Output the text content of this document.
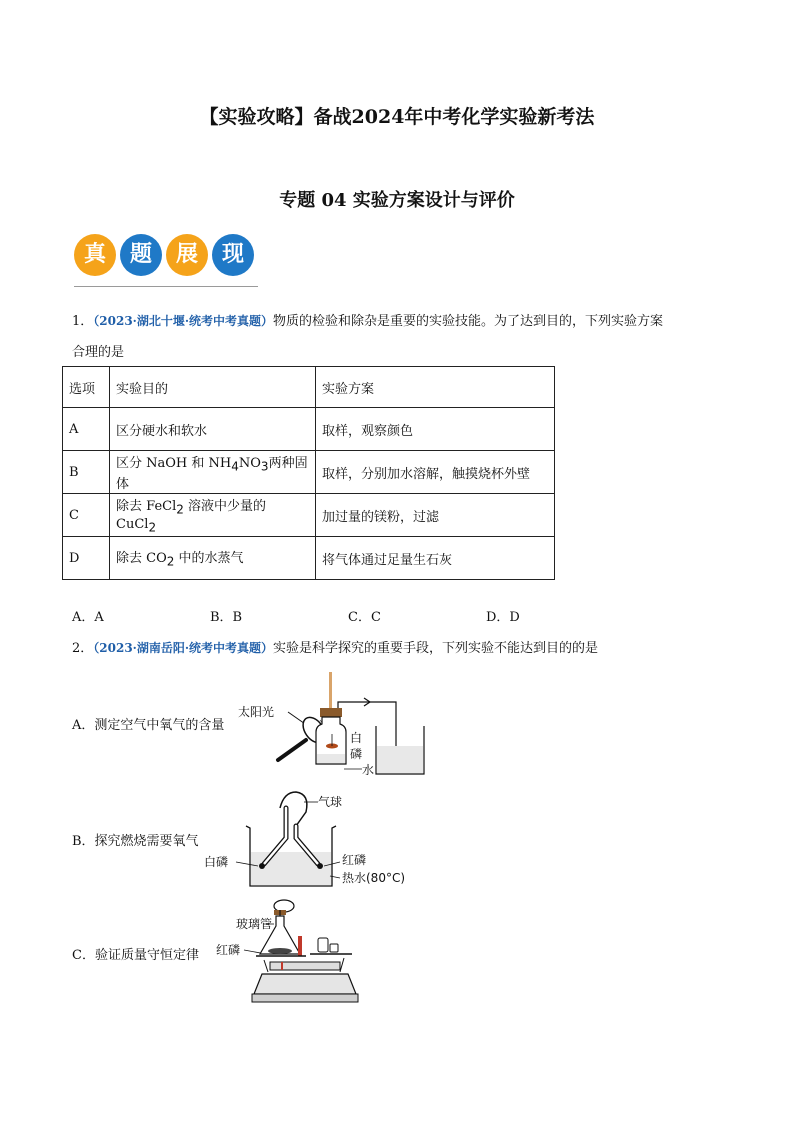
【实验攻略】备战2024年中考化学实验新考法
专题 04 实验方案设计与评价
真	题	展	现
1．（2023·湖北十堰·统考中考真题）物质的检验和除杂是重要的实验技能。为了达到目的，下列实验方案
合理的是
选项	实验目的	实验方案
A	区分硬水和软水	取样，观察颜色
B	区分 NaOH 和 $NH_4NO_3$两种固体	取样，分别加水溶解，触摸烧杯外壁
C	除去 FeCl$_2$ 溶液中少量的 CuCl$_2$	加过量的镁粉，过滤
D	除去 $CO_2$ 中的水蒸气	将气体通过足量生石灰
A．A	B．B	C．C	D．D
2．（2023·湖南岳阳·统考中考真题）实验是科学探究的重要手段，下列实验不能达到目的的是
A．测定空气中氧气的含量
B．探究燃烧需要氧气
C．验证质量守恒定律
太阳光
白
磷
水
气球
白磷	红磷
热水(80°C)
玻璃管
红磷
